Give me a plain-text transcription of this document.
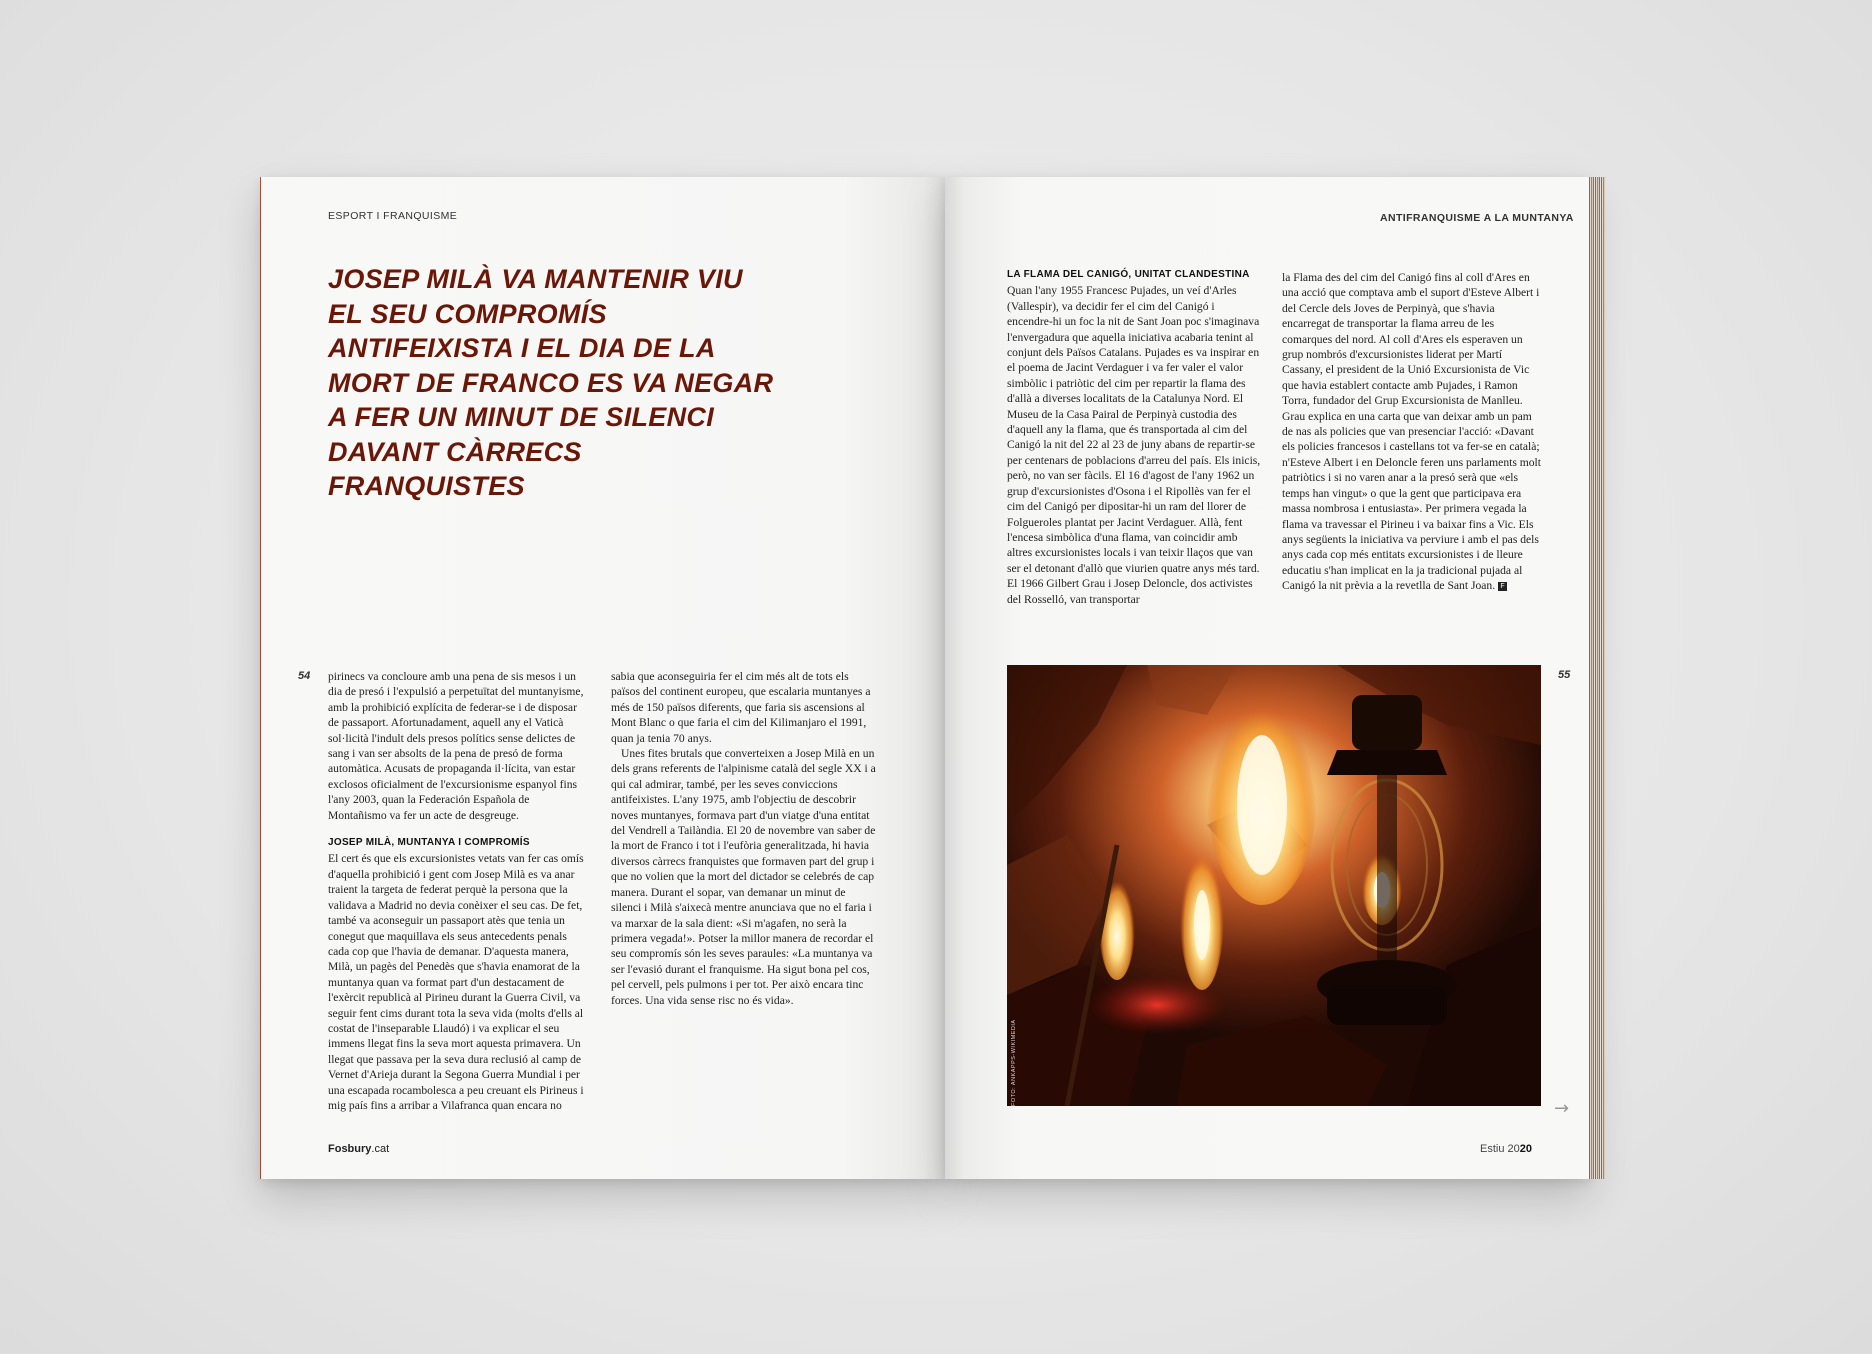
ESPORT I FRANQUISME
JOSEP MILÀ VA MANTENIR VIU EL SEU COMPROMÍS ANTIFEIXISTA I EL DIA DE LA MORT DE FRANCO ES VA NEGAR A FER UN MINUT DE SILENCI DAVANT CÀRRECS FRANQUISTES
54 pirinecs va concloure amb una pena de sis mesos i un dia de presó i l'expulsió a perpetuïtat del muntanyisme, amb la prohibició explícita de federar-se i de disposar de passaport. Afortunadament, aquell any el Vaticà sol·licità l'indult dels presos polítics sense delictes de sang i van ser absolts de la pena de presó de forma automàtica. Acusats de propaganda il·lícita, van estar exclosos oficialment de l'excursionisme espanyol fins l'any 2003, quan la Federación Española de Montañismo va fer un acte de desgreuge.

JOSEP MILÀ, MUNTANYA I COMPROMÍS

El cert és que els excursionistes vetats van fer cas omís d'aquella prohibició i gent com Josep Milà es va anar traient la targeta de federat perquè la persona que la validava a Madrid no devia conèixer el seu cas. De fet, també va aconseguir un passaport atès que tenia un conegut que maquillava els seus antecedents penals cada cop que l'havia de demanar. D'aquesta manera, Milà, un pagès del Penedès que s'havia enamorat de la muntanya quan va format part d'un destacament de l'exèrcit republicà al Pirineu durant la Guerra Civil, va seguir fent cims durant tota la seva vida (molts d'ells al costat de l'inseparable Llaudó) i va explicar el seu immens llegat fins la seva mort aquesta primavera. Un llegat que passava per la seva dura reclusió al camp de Vernet d'Arieja durant la Segona Guerra Mundial i per una escapada rocambolesca a peu creuant els Pirineus i mig país fins a arribar a Vilafranca quan encara no

sabia que aconseguiria fer el cim més alt de tots els països del continent europeu, que escalaria muntanyes a més de 150 països diferents, que faria sis ascensions al Mont Blanc o que faria el cim del Kilimanjaro el 1991, quan ja tenia 70 anys.

Unes fites brutals que converteixen a Josep Milà en un dels grans referents de l'alpinisme català del segle XX i a qui cal admirar, també, per les seves conviccions antifeixistes. L'any 1975, amb l'objectiu de descobrir noves muntanyes, formava part d'un viatge d'una entitat del Vendrell a Tailàndia. El 20 de novembre van saber de la mort de Franco i tot i l'eufòria generalitzada, hi havia diversos càrrecs franquistes que formaven part del grup i que no volien que la mort del dictador se celebrés de cap manera. Durant el sopar, van demanar un minut de silenci i Milà s'aixecà mentre anunciava que no el faria i va marxar de la sala dient: «Si m'agafen, no serà la primera vegada!». Potser la millor manera de recordar el seu compromís són les seves paraules: «La muntanya va ser l'evasió durant el franquisme. Ha sigut bona pel cos, pel cervell, pels pulmons i per tot. Per això encara tinc forces. Una vida sense risc no és vida».

Fosbury.cat
ANTIFRANQUISME A LA MUNTANYA
LA FLAMA DEL CANIGÓ, UNITAT CLANDESTINA

Quan l'any 1955 Francesc Pujades, un veí d'Arles (Vallespir), va decidir fer el cim del Canigó i encendre-hi un foc la nit de Sant Joan poc s'imaginava l'envergadura que aquella iniciativa acabaria tenint al conjunt dels Països Catalans. Pujades es va inspirar en el poema de Jacint Verdaguer i va fer valer el valor simbòlic i patriòtic del cim per repartir la flama des d'allà a diverses localitats de la Catalunya Nord. El Museu de la Casa Pairal de Perpinyà custodia des d'aquell any la flama, que és transportada al cim del Canigó la nit del 22 al 23 de juny abans de repartir-se per centenars de poblacions d'arreu del país. Els inicis, però, no van ser fàcils. El 16 d'agost de l'any 1962 un grup d'excursionistes d'Osona i el Ripollès van fer el cim del Canigó per dipositar-hi un ram del llorer de Folgueroles plantat per Jacint Verdaguer. Allà, fent l'encesa simbòlica d'una flama, van coincidir amb altres excursionistes locals i van teixir llaços que van ser el detonant d'allò que viurien quatre anys més tard. El 1966 Gilbert Grau i Josep Deloncle, dos activistes del Rosselló, van transportar

la Flama des del cim del Canigó fins al coll d'Ares en una acció que comptava amb el suport d'Esteve Albert i del Cercle dels Joves de Perpinyà, que s'havia encarregat de transportar la flama arreu de les comarques del nord. Al coll d'Ares els esperaven un grup nombrós d'excursionistes liderat per Martí Cassany, el president de la Unió Excursionista de Vic que havia establert contacte amb Pujades, i Ramon Torra, fundador del Grup Excursionista de Manlleu. Grau explica en una carta que van deixar amb un pam de nas als policies que van presenciar l'acció: «Davant els policies francesos i castellans tot va fer-se en català; n'Esteve Albert i en Deloncle feren uns parlaments molt patriòtics i si no varen anar a la presó serà que «els temps han vingut» o que la gent que participava era massa nombrosa i entusiasta». Per primera vegada la flama va travessar el Pirineu i va baixar fins a Vic. Els anys següents la iniciativa va perviure i amb el pas dels anys cada cop més entitats excursionistes i de lleure educatiu s'han implicat en la ja tradicional pujada al Canigó la nit prèvia a la revetlla de Sant Joan. F

55
FOTO: ANKAPPS-WIKIMEDIA
→
Estiu 2020
